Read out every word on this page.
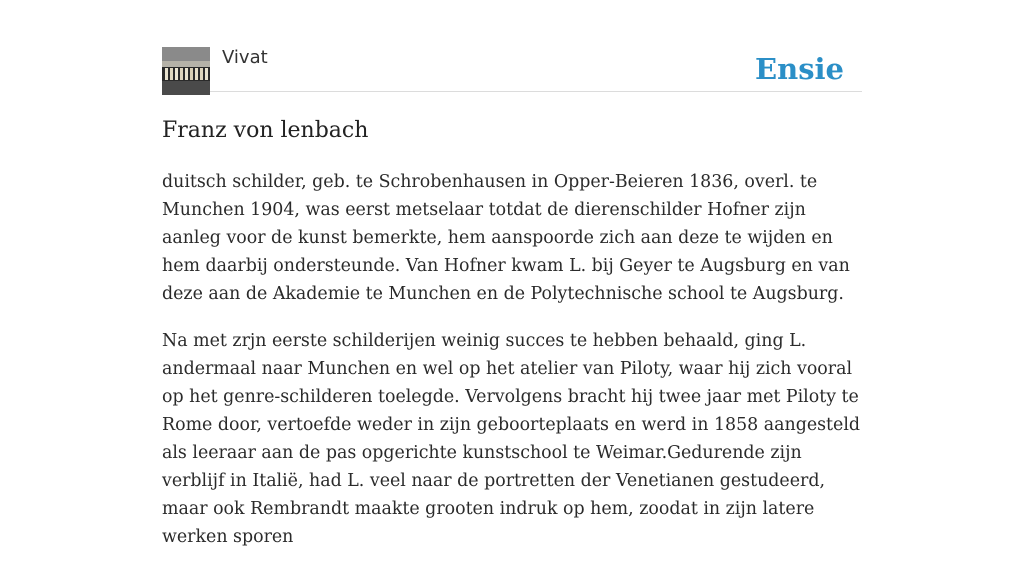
Vivat	Ensie
Franz von lenbach

duitsch schilder, geb. te Schrobenhausen in Opper-Beieren 1836, overl. te Munchen 1904, was eerst metselaar totdat de dierenschilder Hofner zijn aanleg voor de kunst bemerkte, hem aanspoorde zich aan deze te wijden en hem daarbij ondersteunde. Van Hofner kwam L. bij Geyer te Augsburg en van deze aan de Akademie te Munchen en de Polytechnische school te Augsburg.

Na met zrjn eerste schilderijen weinig succes te hebben behaald, ging L. andermaal naar Munchen en wel op het atelier van Piloty, waar hij zich vooral op het genre-schilderen toelegde. Vervolgens bracht hij twee jaar met Piloty te Rome door, vertoefde weder in zijn geboorteplaats en werd in 1858 aangesteld als leeraar aan de pas opgerichte kunstschool te Weimar.Gedurende zijn verblijf in Italië, had L. veel naar de portretten der Venetianen gestudeerd, maar ook Rembrandt maakte grooten indruk op hem, zoodat in zijn latere werken sporen
